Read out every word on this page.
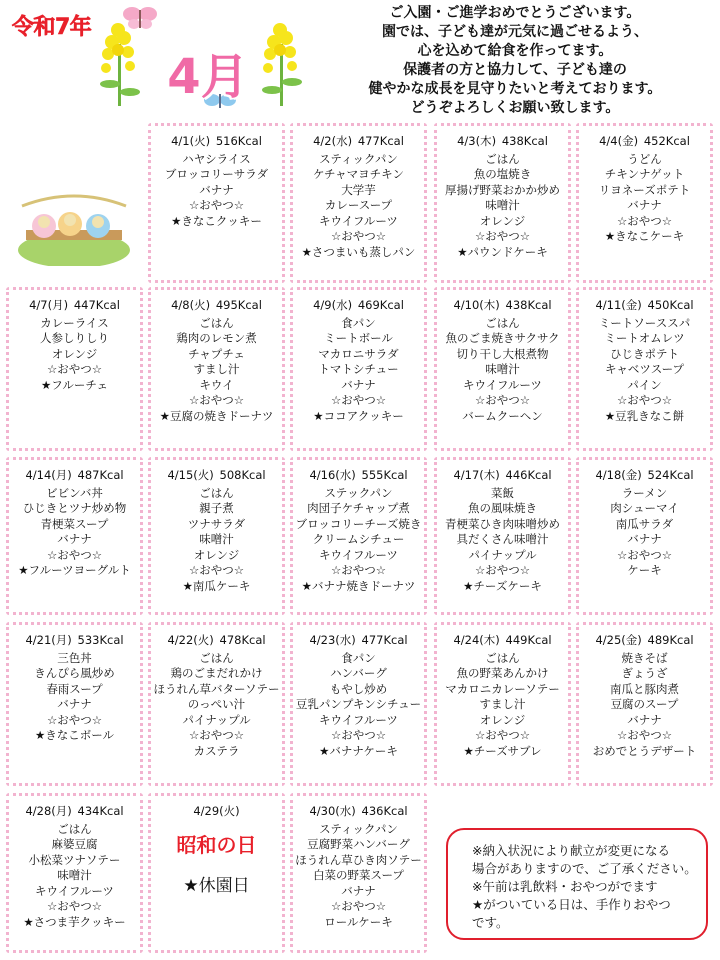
令和7年
4月
ご入園・ご進学おめでとうございます。
園では、子ども達が元気に過ごせるよう、
心を込めて給食を作ってます。
保護者の方と協力して、子ども達の
健やかな成長を見守りたいと考えております。
どうぞよろしくお願い致します。
4/1(火)  516Kcal
ハヤシライス
ブロッコリーサラダ
バナナ
☆おやつ☆
★きなこクッキー
4/2(水)  477Kcal
スティックパン
ケチャマヨチキン
大学芋
カレースープ
キウイフルーツ
☆おやつ☆
★さつまいも蒸しパン
4/3(木)  438Kcal
ごはん
魚の塩焼き
厚揚げ野菜おかか炒め
味噌汁
オレンジ
☆おやつ☆
★パウンドケーキ
4/4(金)  452Kcal
うどん
チキンナゲット
リヨネーズポテト
バナナ
☆おやつ☆
★きなこケーキ
4/7(月)  447Kcal
カレーライス
人参しりしり
オレンジ
☆おやつ☆
★フルーチェ
4/8(火)  495Kcal
ごはん
鶏肉のレモン煮
チャプチェ
すまし汁
キウイ
☆おやつ☆
★豆腐の焼きドーナツ
4/9(水)  469Kcal
食パン
ミートボール
マカロニサラダ
トマトシチュー
バナナ
☆おやつ☆
★ココアクッキー
4/10(木)  438Kcal
ごはん
魚のごま焼きサクサク
切り干し大根煮物
味噌汁
キウイフルーツ
☆おやつ☆
バームクーヘン
4/11(金)  450Kcal
ミートソーススパ
ミートオムレツ
ひじきポテト
キャベツスープ
パイン
☆おやつ☆
★豆乳きなこ餅
4/14(月)  487Kcal
ビビンバ丼
ひじきとツナ炒め物
青梗菜スープ
バナナ
☆おやつ☆
★フルーツヨーグルト
4/15(火)  508Kcal
ごはん
親子煮
ツナサラダ
味噌汁
オレンジ
☆おやつ☆
★南瓜ケーキ
4/16(水)  555Kcal
ステックパン
肉団子ケチャップ煮
ブロッコリーチーズ焼き
クリームシチュー
キウイフルーツ
☆おやつ☆
★バナナ焼きドーナツ
4/17(木)  446Kcal
菜飯
魚の風味焼き
青梗菜ひき肉味噌炒め
具だくさん味噌汁
パイナップル
☆おやつ☆
★チーズケーキ
4/18(金)  524Kcal
ラーメン
肉シューマイ
南瓜サラダ
バナナ
☆おやつ☆
ケーキ
4/21(月)  533Kcal
三色丼
きんぴら風炒め
春雨スープ
バナナ
☆おやつ☆
★きなこボール
4/22(火)  478Kcal
ごはん
鶏のごまだれかけ
ほうれん草バターソテー
のっぺい汁
パイナップル
☆おやつ☆
カステラ
4/23(水)  477Kcal
食パン
ハンバーグ
もやし炒め
豆乳パンプキンシチュー
キウイフルーツ
☆おやつ☆
★バナナケーキ
4/24(木)  449Kcal
ごはん
魚の野菜あんかけ
マカロニカレーソテー
すまし汁
オレンジ
☆おやつ☆
★チーズサブレ
4/25(金)  489Kcal
焼きそば
ぎょうざ
南瓜と豚肉煮
豆腐のスープ
バナナ
☆おやつ☆
おめでとうデザート
4/28(月)  434Kcal
ごはん
麻婆豆腐
小松菜ツナソテー
味噌汁
キウイフルーツ
☆おやつ☆
★さつま芋クッキー
4/29(火)
昭和の日
★休園日
4/30(水)  436Kcal
スティックパン
豆腐野菜ハンバーグ
ほうれん草ひき肉ソテー
白菜の野菜スープ
バナナ
☆おやつ☆
ロールケーキ
※納入状況により献立が変更になる
場合がありますので、ご了承ください。
※午前は乳飲料・おやつがでます
★がついている日は、手作りおやつ
です。
